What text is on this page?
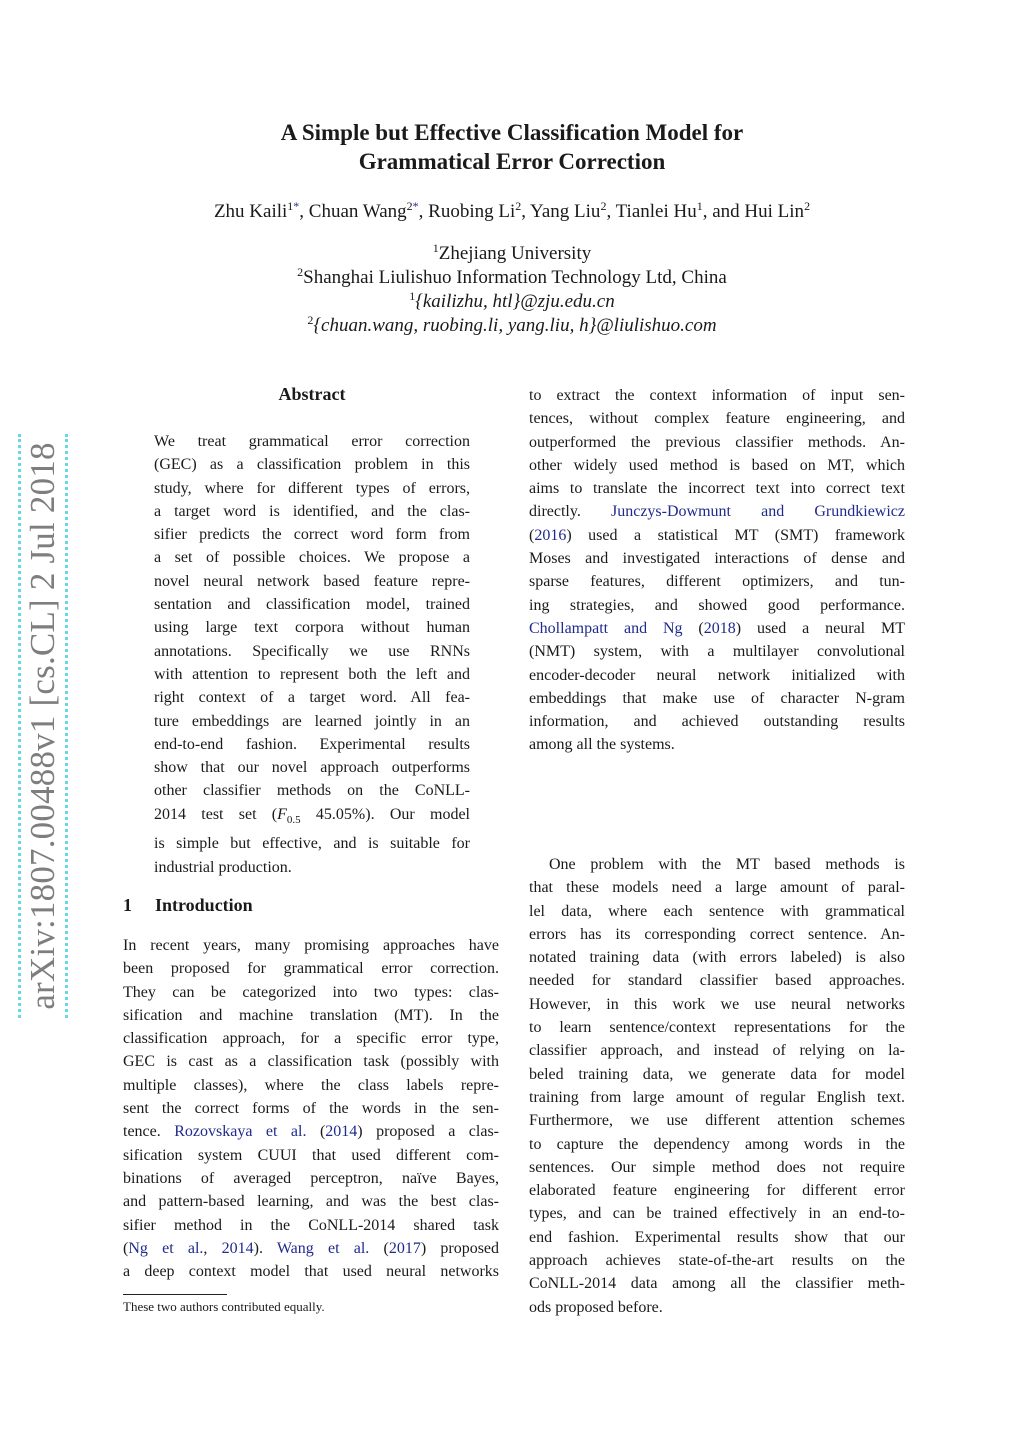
A Simple but Effective Classification Model for
Grammatical Error Correction
Zhu Kaili$^{1*}$, Chuan Wang$^{2*}$, Ruobing Li$^2$, Yang Liu$^2$, Tianlei Hu$^1$, and Hui Lin$^2$
$^1$Zhejiang University
$^2$Shanghai Liulishuo Information Technology Ltd, China
$^1${kailizhu, htl}@zju.edu.cn
$^2${chuan.wang, ruobing.li, yang.liu, h}@liulishuo.com
arXiv:1807.00488v1 [cs.CL] 2 Jul 2018
Abstract
We treat grammatical error correction
(GEC) as a classification problem in this
study, where for different types of errors,
a target word is identified, and the clas-
sifier predicts the correct word form from
a set of possible choices. We propose a
novel neural network based feature repre-
sentation and classification model, trained
using large text corpora without human
annotations. Specifically we use RNNs
with attention to represent both the left and
right context of a target word. All fea-
ture embeddings are learned jointly in an
end-to-end fashion. Experimental results
show that our novel approach outperforms
other classifier methods on the CoNLL-
2014 test set ($F_{0.5}$ 45.05%). Our model
is simple but effective, and is suitable for
industrial production.
1 Introduction
In recent years, many promising approaches have
been proposed for grammatical error correction.
They can be categorized into two types: clas-
sification and machine translation (MT). In the
classification approach, for a specific error type,
GEC is cast as a classification task (possibly with
multiple classes), where the class labels repre-
sent the correct forms of the words in the sen-
tence. Rozovskaya et al. (2014) proposed a clas-
sification system CUUI that used different com-
binations of averaged perceptron, naïve Bayes,
and pattern-based learning, and was the best clas-
sifier method in the CoNLL-2014 shared task
(Ng et al., 2014). Wang et al. (2017) proposed
a deep context model that used neural networks
to extract the context information of input sen-
tences, without complex feature engineering, and
outperformed the previous classifier methods. An-
other widely used method is based on MT, which
aims to translate the incorrect text into correct text
directly. Junczys-Dowmunt and Grundkiewicz
(2016) used a statistical MT (SMT) framework
Moses and investigated interactions of dense and
sparse features, different optimizers, and tun-
ing strategies, and showed good performance.
Chollampatt and Ng (2018) used a neural MT
(NMT) system, with a multilayer convolutional
encoder-decoder neural network initialized with
embeddings that make use of character N-gram
information, and achieved outstanding results
among all the systems.
One problem with the MT based methods is
that these models need a large amount of paral-
lel data, where each sentence with grammatical
errors has its corresponding correct sentence. An-
notated training data (with errors labeled) is also
needed for standard classifier based approaches.
However, in this work we use neural networks
to learn sentence/context representations for the
classifier approach, and instead of relying on la-
beled training data, we generate data for model
training from large amount of regular English text.
Furthermore, we use different attention schemes
to capture the dependency among words in the
sentences. Our simple method does not require
elaborated feature engineering for different error
types, and can be trained effectively in an end-to-
end fashion. Experimental results show that our
approach achieves state-of-the-art results on the
CoNLL-2014 data among all the classifier meth-
ods proposed before.
These two authors contributed equally.
